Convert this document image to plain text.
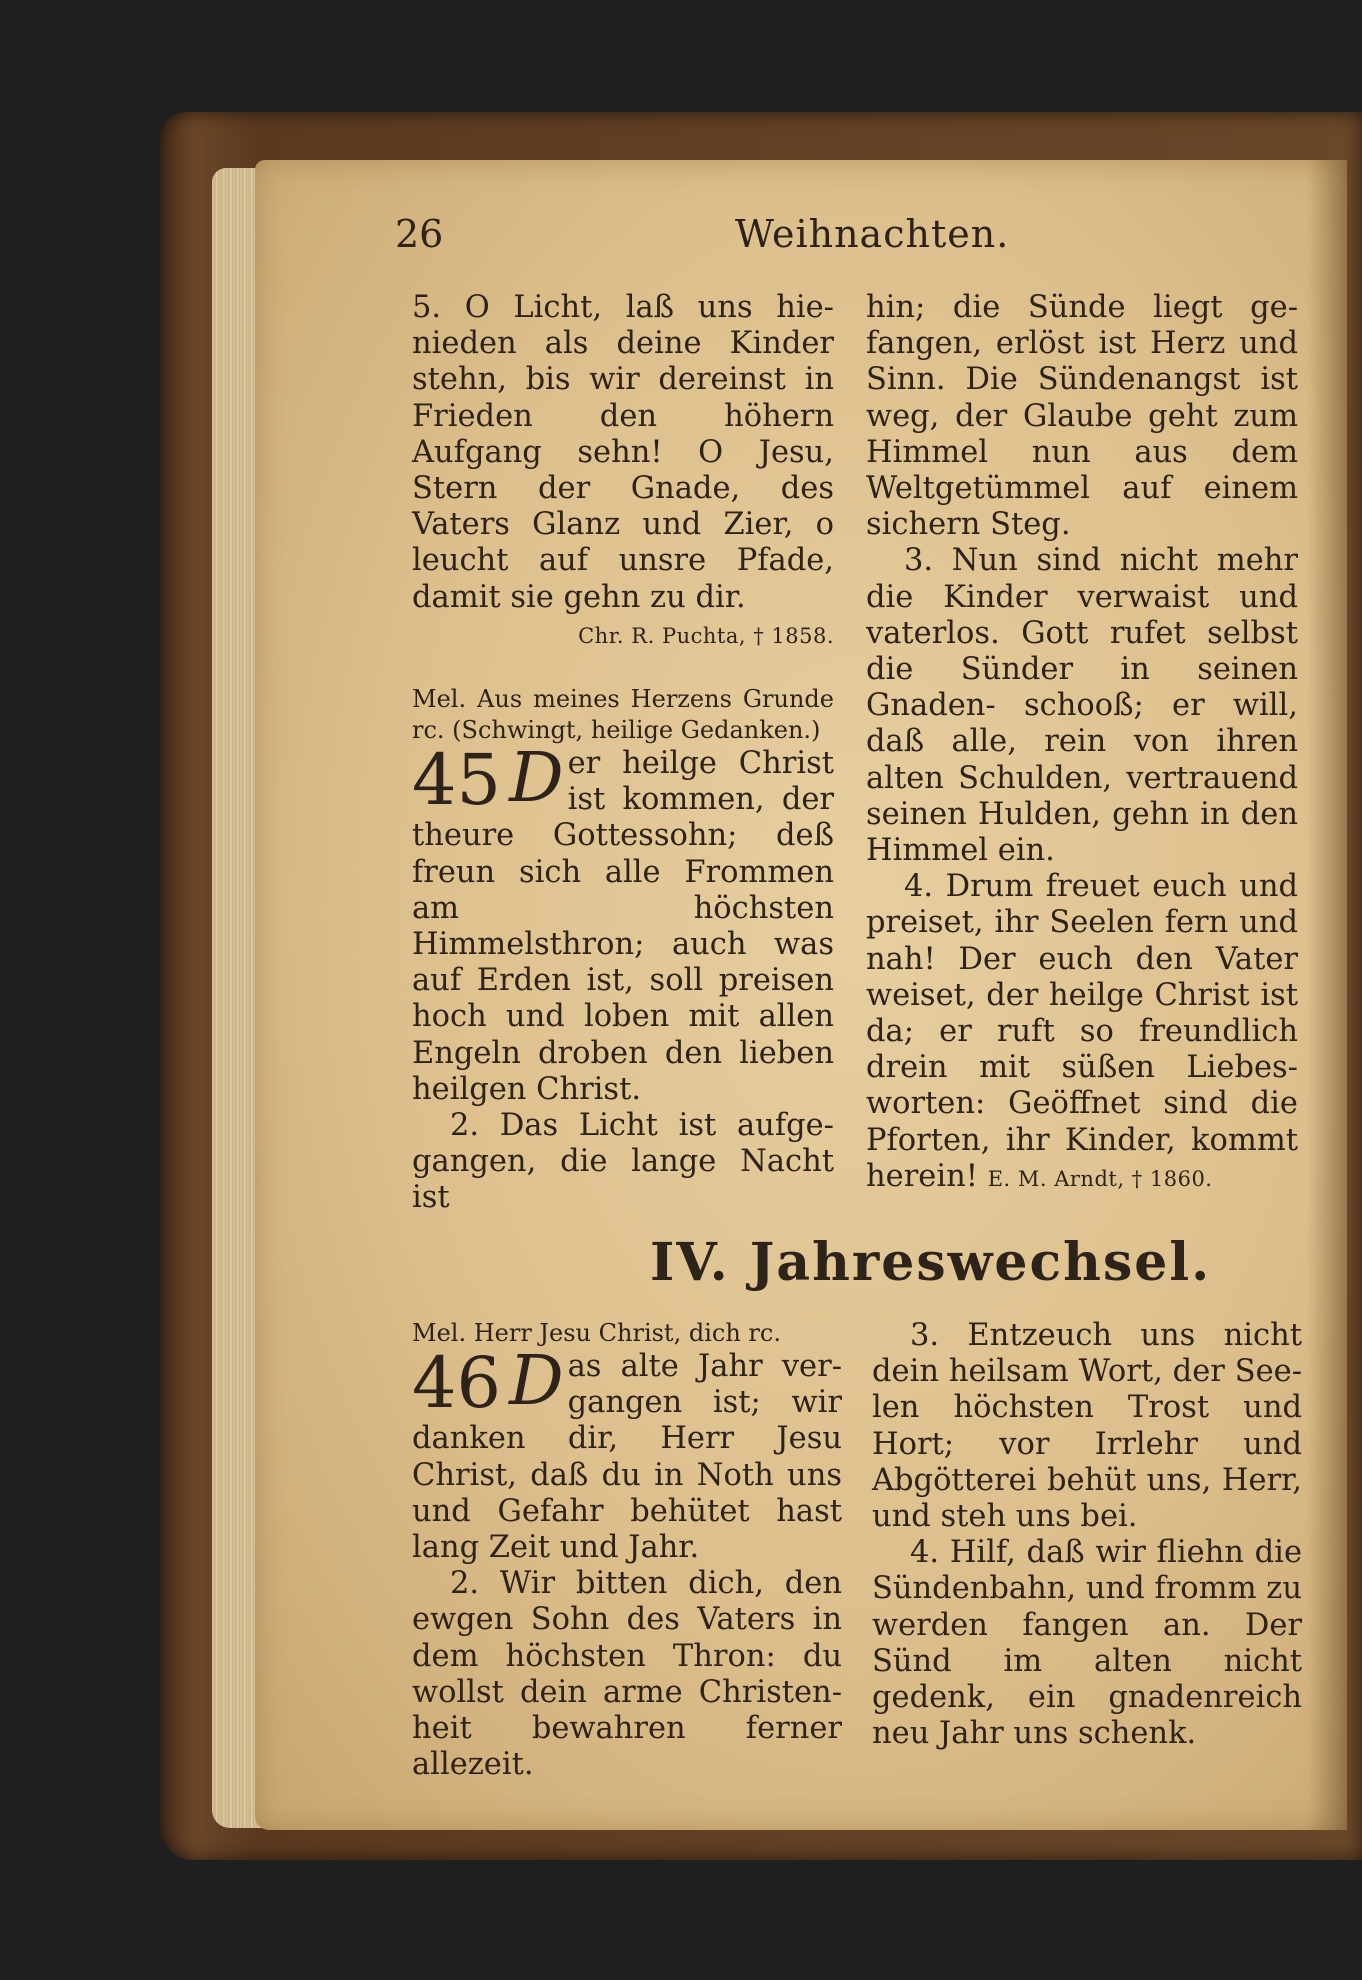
26	Weihnachten.

5. O Licht, laß uns hie- nieden als deine Kinder stehn, bis wir dereinst in Frieden den höhern Aufgang sehn! O Jesu, Stern der Gnade, des Vaters Glanz und Zier, o leucht auf unsre Pfade, damit sie gehn zu dir.

Chr. R. Puchta, † 1858.

Mel. Aus meines Herzens Grunde rc. (Schwingt, heilige Gedanken.)

45 D er heilge Christ ist kommen, der theure Gottessohn; deß freun sich alle Frommen am höchsten Himmelsthron; auch was auf Erden ist, soll preisen hoch und loben mit allen Engeln droben den lieben heilgen Christ.

2. Das Licht ist aufge- gangen, die lange Nacht ist

hin; die Sünde liegt ge- fangen, erlöst ist Herz und Sinn. Die Sündenangst ist weg, der Glaube geht zum Himmel nun aus dem Weltgetümmel auf einem sichern Steg.

3. Nun sind nicht mehr die Kinder verwaist und vaterlos. Gott rufet selbst die Sünder in seinen Gnaden- schooß; er will, daß alle, rein von ihren alten Schulden, vertrauend seinen Hulden, gehn in den Himmel ein.

4. Drum freuet euch und preiset, ihr Seelen fern und nah! Der euch den Vater weiset, der heilge Christ ist da; er ruft so freundlich drein mit süßen Liebes- worten: Geöffnet sind die Pforten, ihr Kinder, kommt herein! E. M. Arndt, † 1860.

IV. Jahreswechsel.

Mel. Herr Jesu Christ, dich rc.

46 D as alte Jahr ver- gangen ist; wir danken dir, Herr Jesu Christ, daß du in Noth uns und Gefahr behütet hast lang Zeit und Jahr.

2. Wir bitten dich, den ewgen Sohn des Vaters in dem höchsten Thron: du wollst dein arme Christen- heit bewahren ferner allezeit.

3. Entzeuch uns nicht dein heilsam Wort, der See- len höchsten Trost und Hort; vor Irrlehr und Abgötterei behüt uns, Herr, und steh uns bei.

4. Hilf, daß wir fliehn die Sündenbahn, und fromm zu werden fangen an. Der Sünd im alten nicht gedenk, ein gnadenreich neu Jahr uns schenk.
